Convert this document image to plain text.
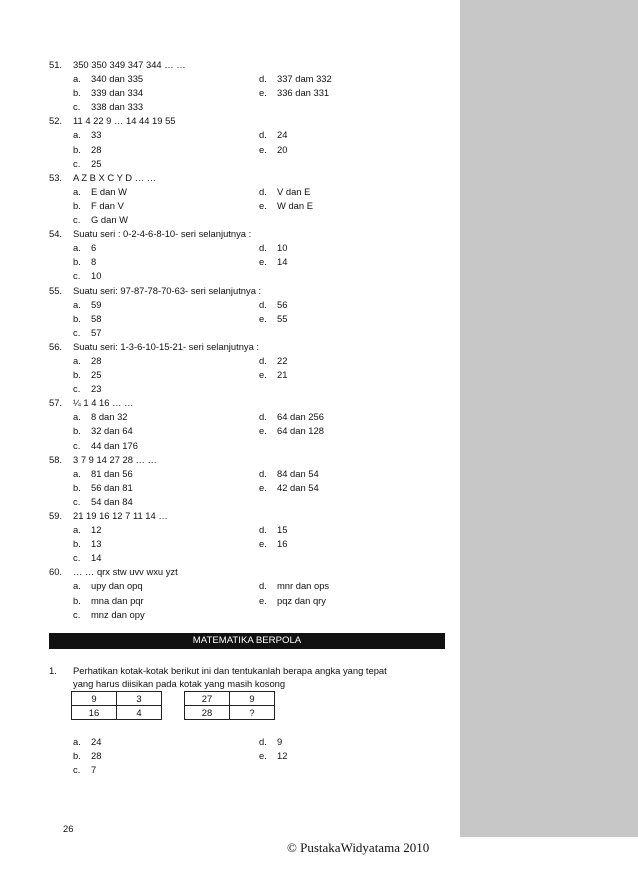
51. 350 350 349 347 344 … …
a. 340 dan 335	d. 337 dam 332
b. 339 dan 334	e. 336 dan 331
c. 338 dan 333
52. 11 4 22 9 … 14 44 19 55
a. 33	d. 24
b. 28	e. 20
c. 25
53. A Z B X C Y D … …
a. E dan W	d. V dan E
b. F dan V	e. W dan E
c. G dan W
54. Suatu seri : 0-2-4-6-8-10- seri selanjutnya :
a. 6	d. 10
b. 8	e. 14
c. 10
55. Suatu seri: 97-87-78-70-63- seri selanjutnya :
a. 59	d. 56
b. 58	e. 55
c. 57
56. Suatu seri: 1-3-6-10-15-21- seri selanjutnya :
a. 28	d. 22
b. 25	e. 21
c. 23
57. ¼ 1 4 16 … …
a. 8 dan 32	d. 64 dan 256
b. 32 dan 64	e. 64 dan 128
c. 44 dan 176
58. 3 7 9 14 27 28 … …
a. 81 dan 56	d. 84 dan 54
b. 56 dan 81	e. 42 dan 54
c. 54 dan 84
59. 21 19 16 12 7 11 14 …
a. 12	d. 15
b. 13	e. 16
c. 14
60. … … qrx stw uvv wxu yzt
a. upy dan opq	d. mnr dan ops
b. mna dan pqr	e. pqz dan qry
c. mnz dan opy
MATEMATIKA BERPOLA
1. Perhatikan kotak-kotak berikut ini dan tentukanlah berapa angka yang tepat
yang harus diisikan pada kotak yang masih kosong
9	3
16	4
27	9
28	?
a. 24	d. 9
b. 28	e. 12
c. 7
26
© PustakaWidyatama 2010
